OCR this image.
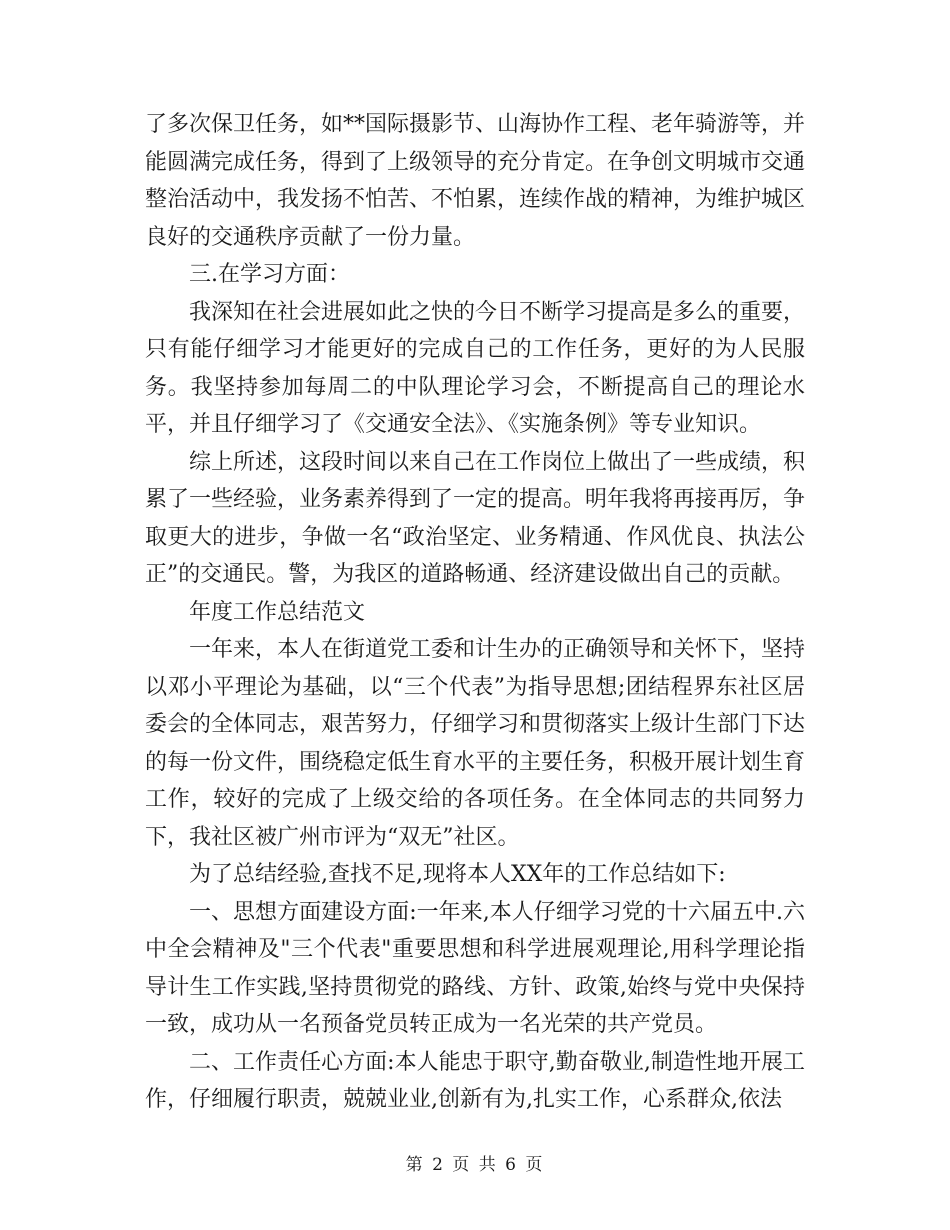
了多次保卫任务，如**国际摄影节、山海协作工程、老年骑游等，并能圆满完成任务，得到了上级领导的充分肯定。在争创文明城市交通整治活动中，我发扬不怕苦、不怕累，连续作战的精神，为维护城区良好的交通秩序贡献了一份力量。

三.在学习方面：

我深知在社会进展如此之快的今日不断学习提高是多么的重要，只有能仔细学习才能更好的完成自己的工作任务，更好的为人民服务。我坚持参加每周二的中队理论学习会，不断提高自己的理论水平，并且仔细学习了《交通安全法》、《实施条例》等专业知识。

综上所述，这段时间以来自己在工作岗位上做出了一些成绩，积累了一些经验，业务素养得到了一定的提高。明年我将再接再厉，争取更大的进步，争做一名“政治坚定、业务精通、作风优良、执法公正”的交通民。警，为我区的道路畅通、经济建设做出自己的贡献。

年度工作总结范文

一年来，本人在街道党工委和计生办的正确领导和关怀下，坚持以邓小平理论为基础，以“三个代表”为指导思想;团结程界东社区居委会的全体同志，艰苦努力，仔细学习和贯彻落实上级计生部门下达的每一份文件，围绕稳定低生育水平的主要任务，积极开展计划生育工作，较好的完成了上级交给的各项任务。在全体同志的共同努力下，我社区被广州市评为“双无”社区。

为了总结经验,查找不足,现将本人XX年的工作总结如下:

一、思想方面建设方面:一年来,本人仔细学习党的十六届五中.六中全会精神及"三个代表"重要思想和科学进展观理论,用科学理论指导计生工作实践,坚持贯彻党的路线、方针、政策,始终与党中央保持一致，成功从一名预备党员转正成为一名光荣的共产党员。

二、工作责任心方面:本人能忠于职守,勤奋敬业,制造性地开展工作，仔细履行职责，兢兢业业,创新有为,扎实工作，心系群众,依法

第 2 页 共 6 页
